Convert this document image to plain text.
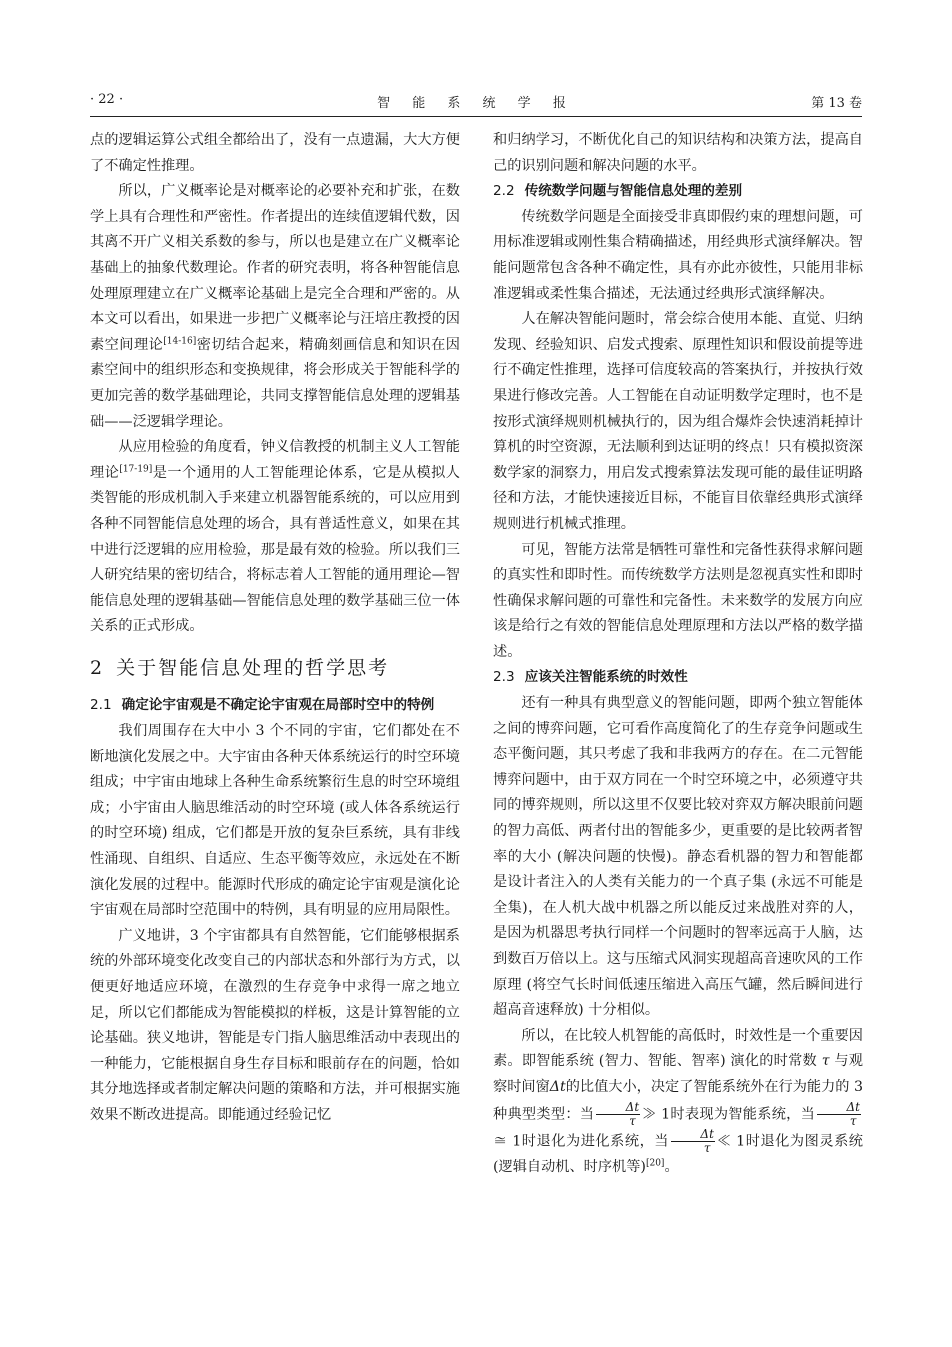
· 22 ·	智 能 系 统 学 报	第 13 卷

点的逻辑运算公式组全都给出了，没有一点遗漏，大大方便了不确定性推理。

所以，广义概率论是对概率论的必要补充和扩张，在数学上具有合理性和严密性。作者提出的连续值逻辑代数，因其离不开广义相关系数的参与，所以也是建立在广义概率论基础上的抽象代数理论。作者的研究表明，将各种智能信息处理原理建立在广义概率论基础上是完全合理和严密的。从本文可以看出，如果进一步把广义概率论与汪培庄教授的因素空间理论[14-16]密切结合起来，精确刻画信息和知识在因素空间中的组织形态和变换规律，将会形成关于智能科学的更加完善的数学基础理论，共同支撑智能信息处理的逻辑基础——泛逻辑学理论。

从应用检验的角度看，钟义信教授的机制主义人工智能理论[17-19]是一个通用的人工智能理论体系，它是从模拟人类智能的形成机制入手来建立机器智能系统的，可以应用到各种不同智能信息处理的场合，具有普适性意义，如果在其中进行泛逻辑的应用检验，那是最有效的检验。所以我们三人研究结果的密切结合，将标志着人工智能的通用理论—智能信息处理的逻辑基础—智能信息处理的数学基础三位一体关系的正式形成。

2 关于智能信息处理的哲学思考
2.1 确定论宇宙观是不确定论宇宙观在局部时空中的特例

我们周围存在大中小 3 个不同的宇宙，它们都处在不断地演化发展之中。大宇宙由各种天体系统运行的时空环境组成；中宇宙由地球上各种生命系统繁衍生息的时空环境组成；小宇宙由人脑思维活动的时空环境 (或人体各系统运行的时空环境) 组成，它们都是开放的复杂巨系统，具有非线性涌现、自组织、自适应、生态平衡等效应，永远处在不断演化发展的过程中。能源时代形成的确定论宇宙观是演化论宇宙观在局部时空范围中的特例，具有明显的应用局限性。

广义地讲，3 个宇宙都具有自然智能，它们能够根据系统的外部环境变化改变自己的内部状态和外部行为方式，以便更好地适应环境，在激烈的生存竞争中求得一席之地立足，所以它们都能成为智能模拟的样板，这是计算智能的立论基础。狭义地讲，智能是专门指人脑思维活动中表现出的一种能力，它能根据自身生存目标和眼前存在的问题，恰如其分地选择或者制定解决问题的策略和方法，并可根据实施效果不断改进提高。即能通过经验记忆

和归纳学习，不断优化自己的知识结构和决策方法，提高自己的识别问题和解决问题的水平。

2.2 传统数学问题与智能信息处理的差别

传统数学问题是全面接受非真即假约束的理想问题，可用标准逻辑或刚性集合精确描述，用经典形式演绎解决。智能问题常包含各种不确定性，具有亦此亦彼性，只能用非标准逻辑或柔性集合描述，无法通过经典形式演绎解决。

人在解决智能问题时，常会综合使用本能、直觉、归纳发现、经验知识、启发式搜索、原理性知识和假设前提等进行不确定性推理，选择可信度较高的答案执行，并按执行效果进行修改完善。人工智能在自动证明数学定理时，也不是按形式演绎规则机械执行的，因为组合爆炸会快速消耗掉计算机的时空资源，无法顺利到达证明的终点！只有模拟资深数学家的洞察力，用启发式搜索算法发现可能的最佳证明路径和方法，才能快速接近目标，不能盲目依靠经典形式演绎规则进行机械式推理。

可见，智能方法常是牺牲可靠性和完备性获得求解问题的真实性和即时性。而传统数学方法则是忽视真实性和即时性确保求解问题的可靠性和完备性。未来数学的发展方向应该是给行之有效的智能信息处理原理和方法以严格的数学描述。

2.3 应该关注智能系统的时效性

还有一种具有典型意义的智能问题，即两个独立智能体之间的博弈问题，它可看作高度简化了的生存竞争问题或生态平衡问题，其只考虑了我和非我两方的存在。在二元智能博弈问题中，由于双方同在一个时空环境之中，必须遵守共同的博弈规则，所以这里不仅要比较对弈双方解决眼前问题的智力高低、两者付出的智能多少，更重要的是比较两者智率的大小 (解决问题的快慢)。静态看机器的智力和智能都是设计者注入的人类有关能力的一个真子集 (永远不可能是全集)，在人机大战中机器之所以能反过来战胜对弈的人，是因为机器思考执行同样一个问题时的智率远高于人脑，达到数百万倍以上。这与压缩式风洞实现超高音速吹风的工作原理 (将空气长时间低速压缩进入高压气罐，然后瞬间进行超高音速释放) 十分相似。

所以，在比较人机智能的高低时，时效性是一个重要因素。即智能系统 (智力、智能、智率) 演化的时常数 τ 与观察时间窗Δt的比值大小，决定了智能系统外在行为能力的 3 种典型类型：当 $\frac{\Delta t}{\tau}$ ≫ 1时表现为智能系统，当 $\frac{\Delta t}{\tau}$
≅ 1时退化为进化系统，当 $\frac{\Delta t}{\tau}$ ≪ 1时退化为图灵系统 (逻辑自动机、时序机等)[20]。
